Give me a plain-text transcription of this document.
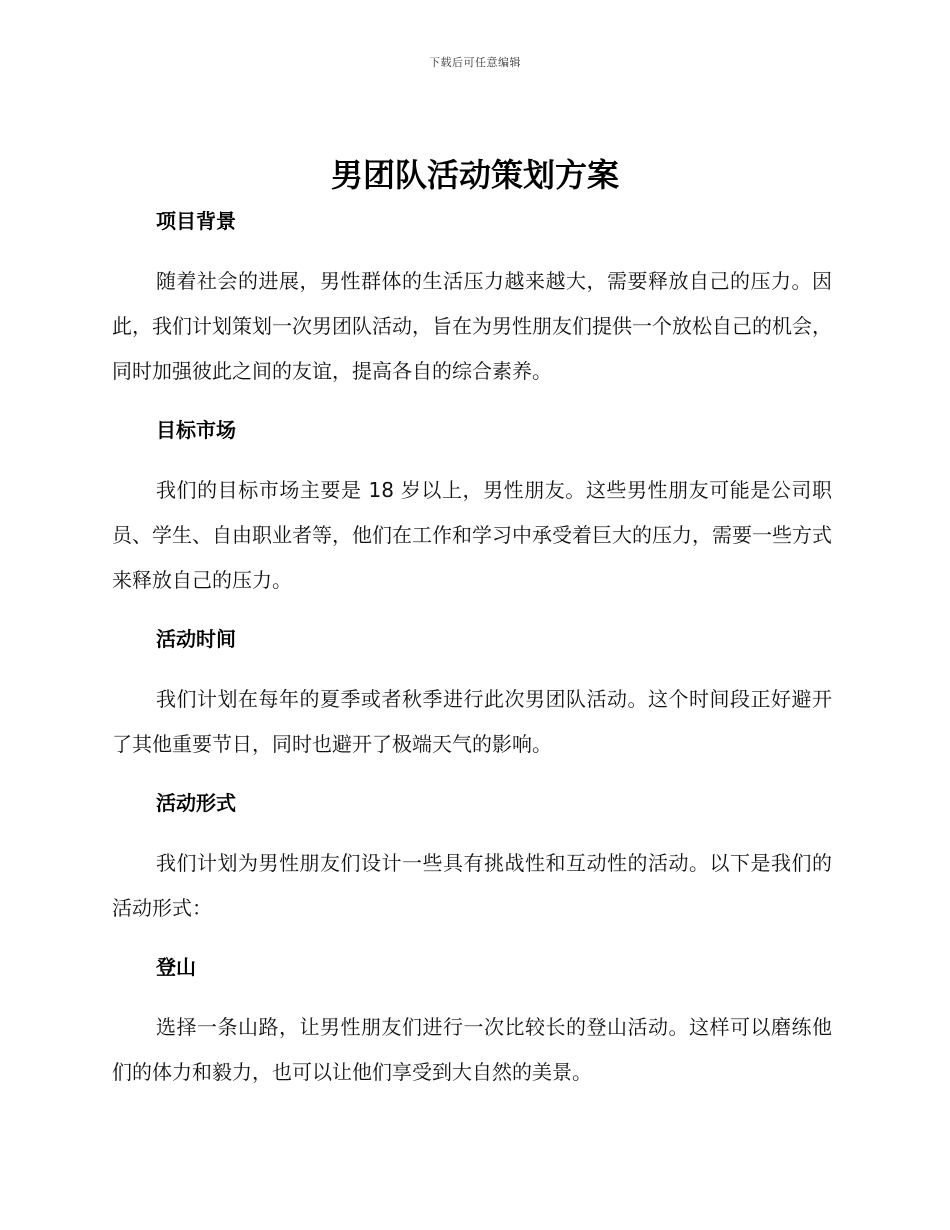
下载后可任意编辑
男团队活动策划方案
项目背景

随着社会的进展，男性群体的生活压力越来越大，需要释放自己的压力。因此，我们计划策划一次男团队活动，旨在为男性朋友们提供一个放松自己的机会，同时加强彼此之间的友谊，提高各自的综合素养。

目标市场

我们的目标市场主要是 18 岁以上，男性朋友。这些男性朋友可能是公司职员、学生、自由职业者等，他们在工作和学习中承受着巨大的压力，需要一些方式来释放自己的压力。

活动时间

我们计划在每年的夏季或者秋季进行此次男团队活动。这个时间段正好避开了其他重要节日，同时也避开了极端天气的影响。

活动形式

我们计划为男性朋友们设计一些具有挑战性和互动性的活动。以下是我们的活动形式：

登山

选择一条山路，让男性朋友们进行一次比较长的登山活动。这样可以磨练他们的体力和毅力，也可以让他们享受到大自然的美景。
